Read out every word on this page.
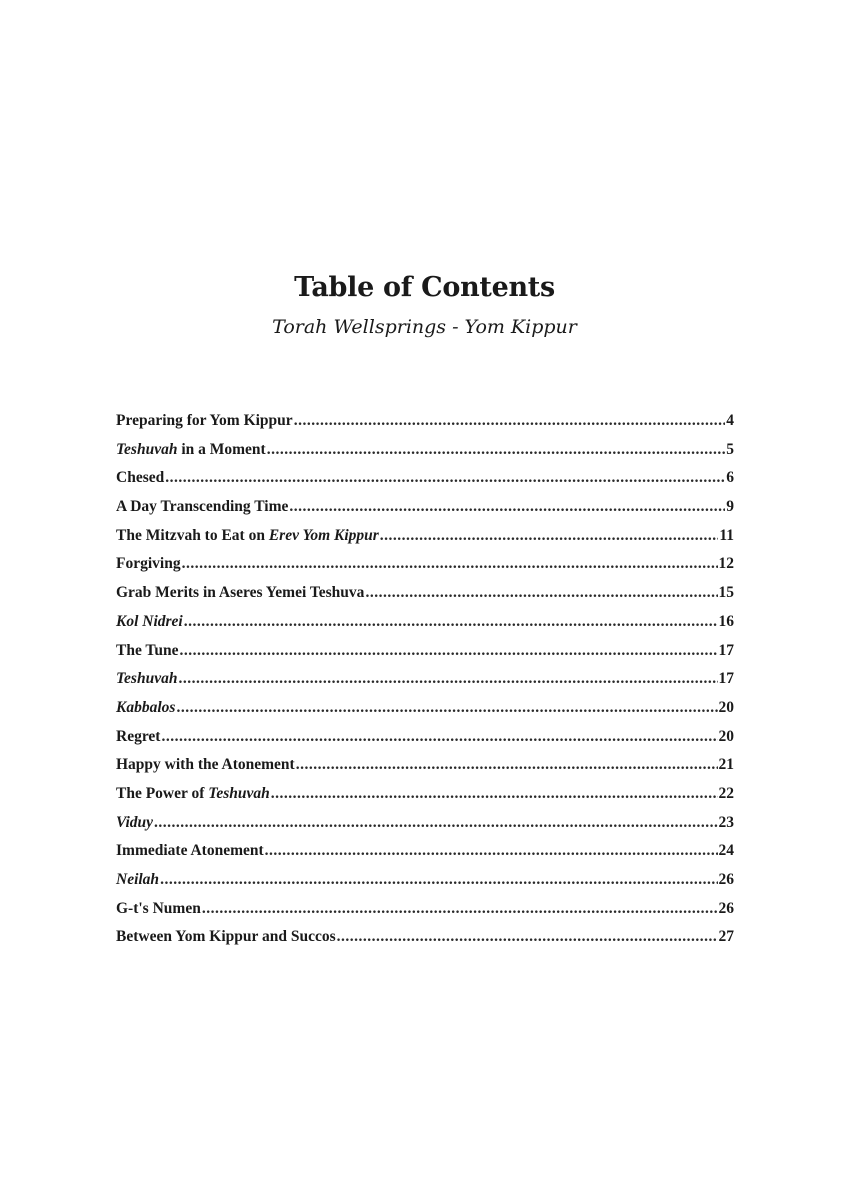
Table of Contents

Torah Wellsprings - Yom Kippur

Preparing for Yom Kippur .....	4
Teshuvah in a Moment .....	5
Chesed .....	6
A Day Transcending Time .....	9
The Mitzvah to Eat on Erev Yom Kippur .....	11
Forgiving .....	12
Grab Merits in Aseres Yemei Teshuva .....	15
Kol Nidrei .....	16
The Tune .....	17
Teshuvah .....	17
Kabbalos .....	20
Regret .....	20
Happy with the Atonement .....	21
The Power of Teshuvah .....	22
Viduy .....	23
Immediate Atonement .....	24
Neilah .....	26
G-t's Numen .....	26
Between Yom Kippur and Succos .....	27
